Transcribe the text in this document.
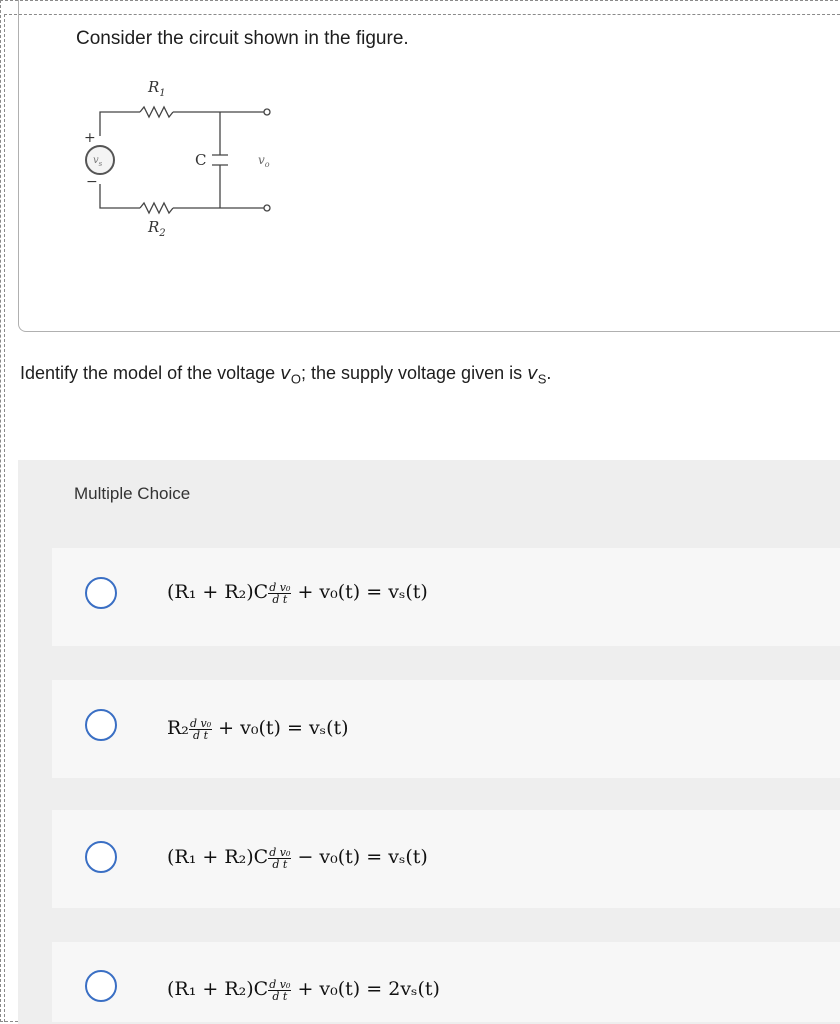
Consider the circuit shown in the figure.
$R_1$
$R_2$
C
$v_s$	$v_o$
+
−
Identify the model of the voltage $v_O$; the supply voltage given is $v_S$.
Multiple Choice
$(R_1 + R_2)C \frac{\text{d v₀}}{\text{d t}} + v_0(t) = v_s(t)$
$R_2 \frac{\text{d v₀}}{\text{d t}} + v_0(t) = v_s(t)$
$(R_1 + R_2)C \frac{\text{d v₀}}{\text{d t}} - v_0(t) = v_s(t)$
$(R_1 + R_2)C \frac{\text{d v₀}}{\text{d t}} + v_0(t) = 2v_s(t)$
